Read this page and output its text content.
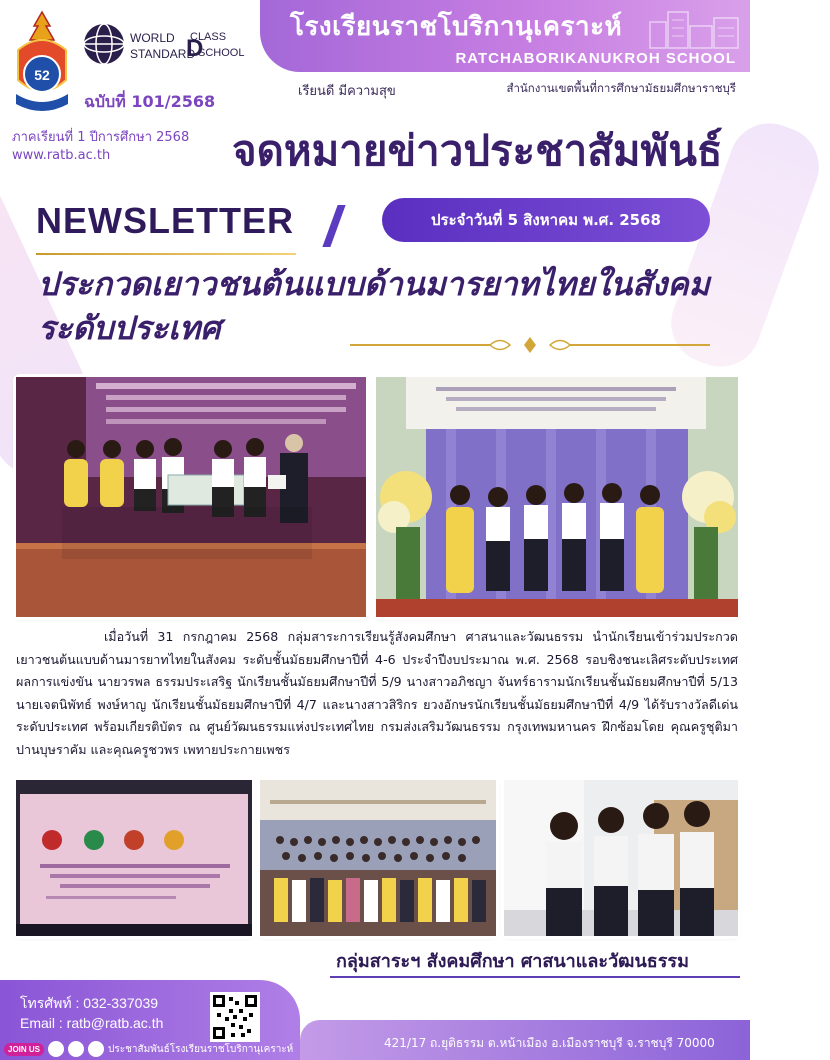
โรงเรียนราชโบริกานุเคราะห์
RATCHABORIKANUKROH SCHOOL
เรียนดี มีความสุข	สำนักงานเขตพื้นที่การศึกษามัธยมศึกษาราชบุรี
52
WORLD
STANDARD
D
CLASS
SCHOOL
ฉบับที่ 101/2568
ภาคเรียนที่ 1 ปีการศึกษา 2568
www.ratb.ac.th	จดหมายข่าวประชาสัมพันธ์
NEWSLETTER	ประจำวันที่ 5 สิงหาคม พ.ศ. 2568
ประกวดเยาวชนต้นแบบด้านมารยาทไทยในสังคม
ระดับประเทศ
เมื่อวันที่ 31 กรกฎาคม 2568 กลุ่มสาระการเรียนรู้สังคมศึกษา ศาสนาและวัฒนธรรม นำนักเรียนเข้าร่วมประกวดเยาวชนต้นแบบด้านมารยาทไทยในสังคม ระดับชั้นมัธยมศึกษาปีที่ 4-6 ประจำปีงบประมาณ พ.ศ. 2568 รอบชิงชนะเลิศระดับประเทศ ผลการแข่งขัน นายวรพล ธรรมประเสริฐ นักเรียนชั้นมัธยมศึกษาปีที่ 5/9 นางสาวอภิชญา จันทร์ธารามนักเรียนชั้นมัธยมศึกษาปีที่ 5/13 นายเจตนิพัทธ์ พงษ์หาญ นักเรียนชั้นมัธยมศึกษาปีที่ 4/7 และนางสาวสิริกร ยวงอักษรนักเรียนชั้นมัธยมศึกษาปีที่ 4/9 ได้รับรางวัลดีเด่น ระดับประเทศ พร้อมเกียรติบัตร ณ ศูนย์วัฒนธรรมแห่งประเทศไทย กรมส่งเสริมวัฒนธรรม กรุงเทพมหานคร ฝึกซ้อมโดย คุณครูชุติมา ปานบุษราคัม และคุณครูชวพร เพทายประกายเพชร
กลุ่มสาระฯ สังคมศึกษา ศาสนาและวัฒนธรรม
โทรศัพท์ : 032-337039
Email : ratb@ratb.ac.th
JOIN US	ประชาสัมพันธ์โรงเรียนราชโบริกานุเคราะห์	421/17 ถ.ยุติธรรม ต.หน้าเมือง อ.เมืองราชบุรี จ.ราชบุรี 70000
